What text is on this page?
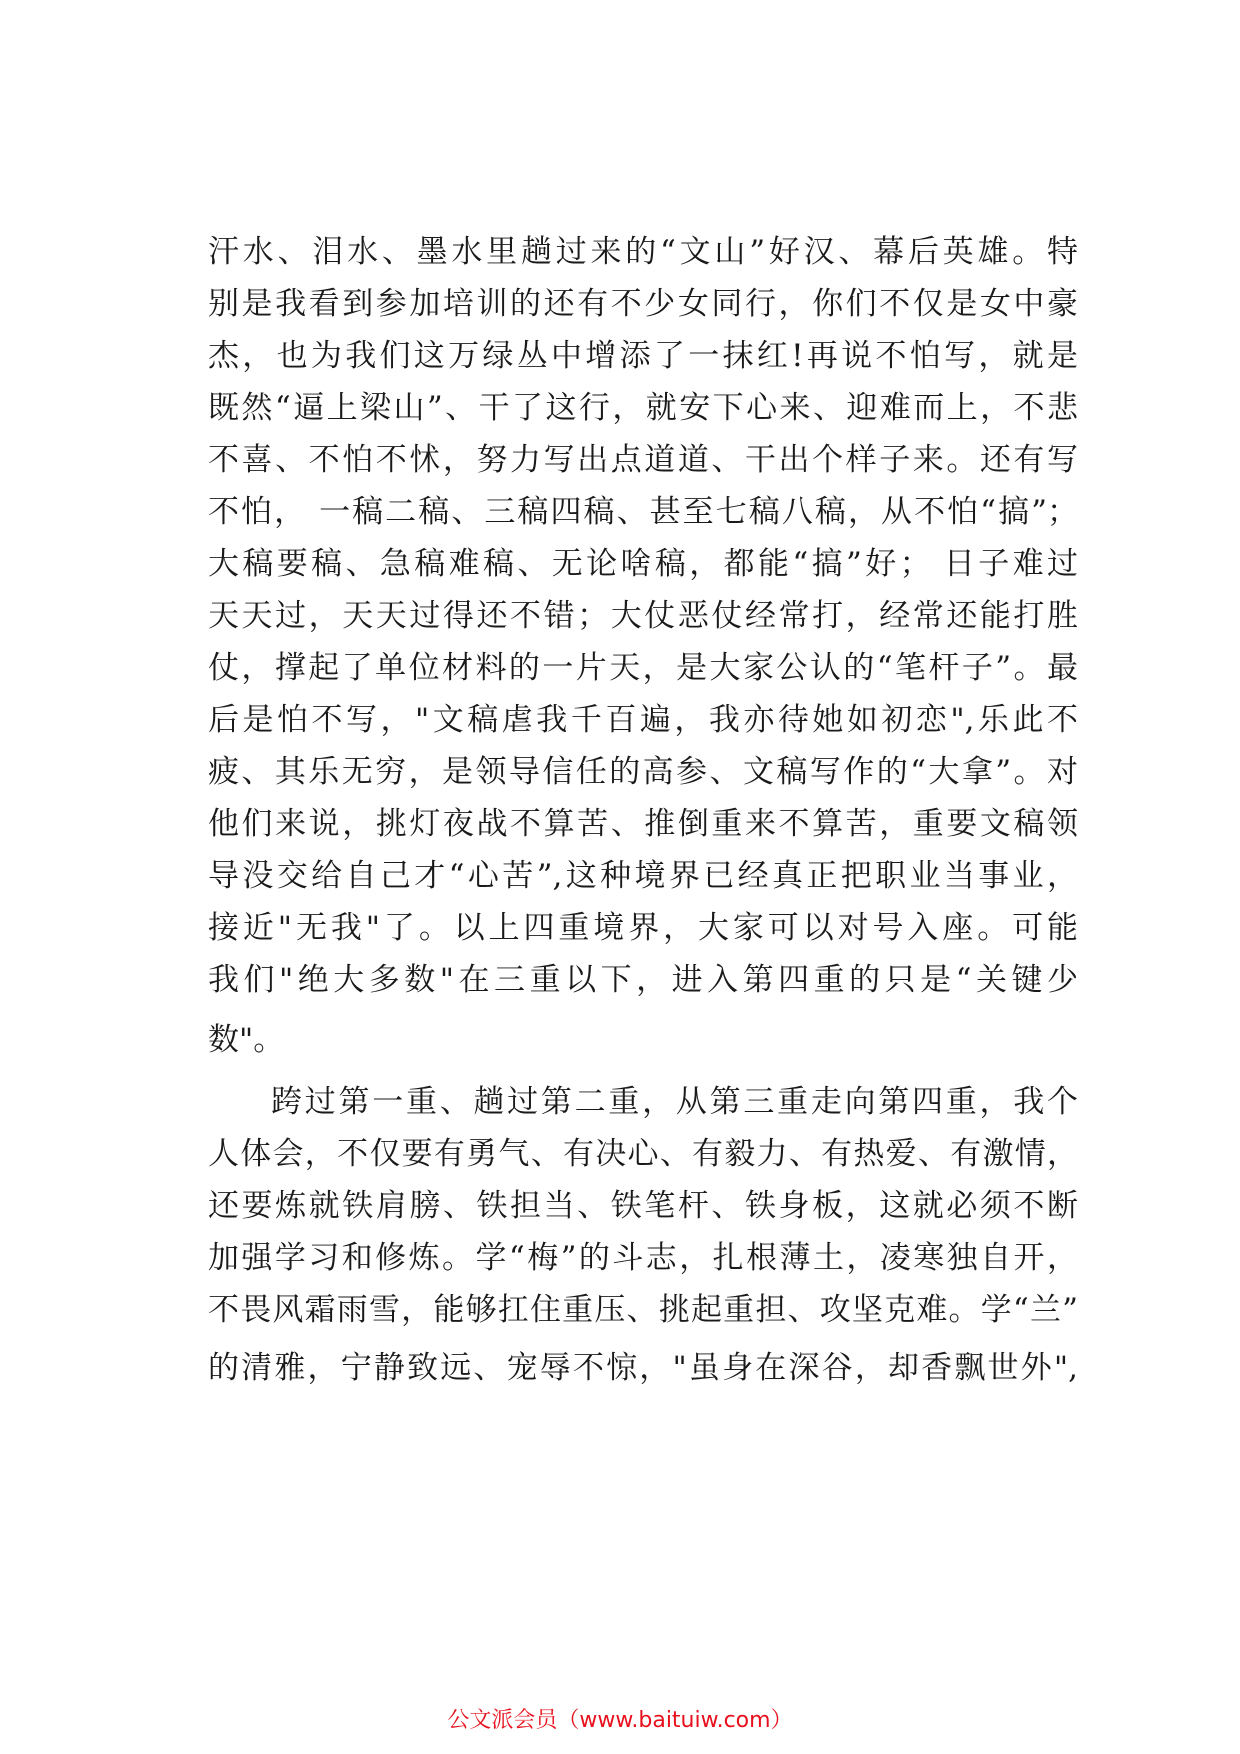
汗水、泪水、墨水里趟过来的“文山”好汉、幕后英雄。特
别是我看到参加培训的还有不少女同行，你们不仅是女中豪
杰，也为我们这万绿丛中增添了一抹红!再说不怕写，就是
既然“逼上梁山”、干了这行，就安下心来、迎难而上，不悲
不喜、不怕不怵，努力写出点道道、干出个样子来。还有写
不怕， 一稿二稿、三稿四稿、甚至七稿八稿，从不怕“搞”；
大稿要稿、急稿难稿、无论啥稿，都能“搞”好； 日子难过
天天过，天天过得还不错；大仗恶仗经常打，经常还能打胜
仗，撑起了单位材料的一片天，是大家公认的“笔杆子”。最
后是怕不写，"文稿虐我千百遍，我亦待她如初恋",乐此不
疲、其乐无穷，是领导信任的高参、文稿写作的“大拿”。对
他们来说，挑灯夜战不算苦、推倒重来不算苦，重要文稿领
导没交给自己才“心苦”,这种境界已经真正把职业当事业，
接近"无我"了。以上四重境界，大家可以对号入座。可能
我们"绝大多数"在三重以下，进入第四重的只是“关键少
数"。
跨过第一重、趟过第二重，从第三重走向第四重，我个
人体会，不仅要有勇气、有决心、有毅力、有热爱、有激情，
还要炼就铁肩膀、铁担当、铁笔杆、铁身板，这就必须不断
加强学习和修炼。学“梅”的斗志，扎根薄土，凌寒独自开，
不畏风霜雨雪，能够扛住重压、挑起重担、攻坚克难。学“兰”
的清雅，宁静致远、宠辱不惊，"虽身在深谷，却香飘世外",
公文派会员（www.baituiw.com）
